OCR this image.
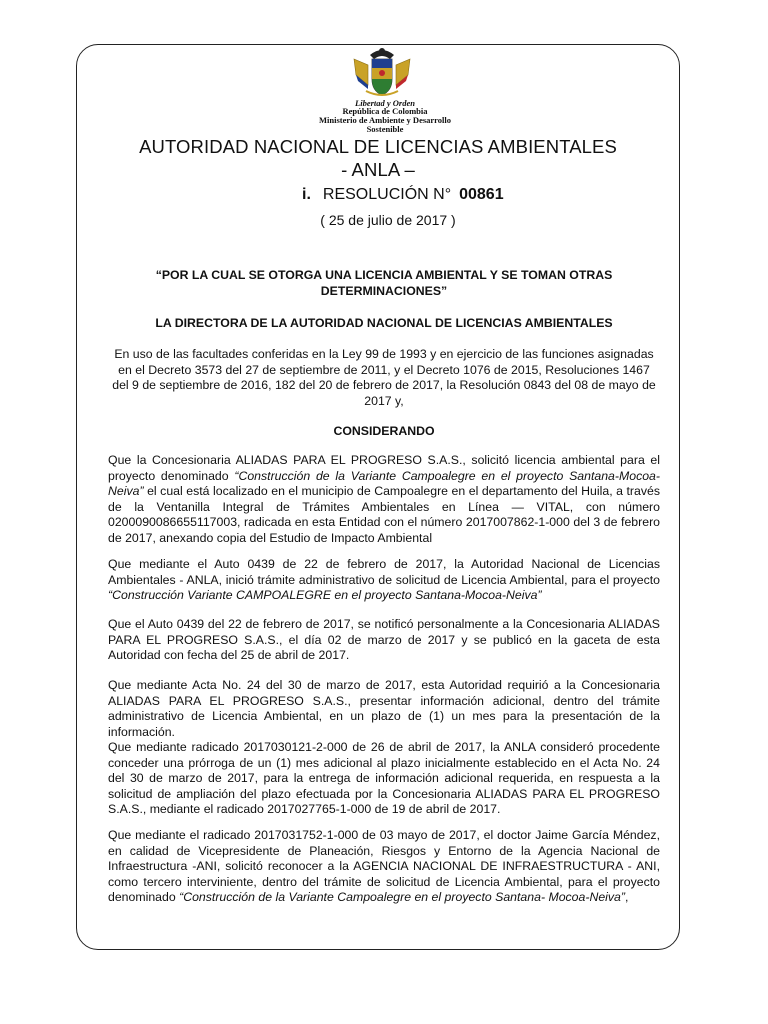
Libertad y Orden
República de Colombia
Ministerio de Ambiente y Desarrollo Sostenible
AUTORIDAD NACIONAL DE LICENCIAS AMBIENTALES
- ANLA –
i. RESOLUCIÓN N° 00861
( 25 de julio de 2017 )
“POR LA CUAL SE OTORGA UNA LICENCIA AMBIENTAL Y SE TOMAN OTRAS DETERMINACIONES”
LA DIRECTORA DE LA AUTORIDAD NACIONAL DE LICENCIAS AMBIENTALES
En uso de las facultades conferidas en la Ley 99 de 1993 y en ejercicio de las funciones asignadas en el Decreto 3573 del 27 de septiembre de 2011, y el Decreto 1076 de 2015, Resoluciones 1467 del 9 de septiembre de 2016, 182 del 20 de febrero de 2017, la Resolución 0843 del 08 de mayo de 2017 y,
CONSIDERANDO
Que la Concesionaria ALIADAS PARA EL PROGRESO S.A.S., solicitó licencia ambiental para el proyecto denominado “Construcción de la Variante Campoalegre en el proyecto Santana-Mocoa-Neiva” el cual está localizado en el municipio de Campoalegre en el departamento del Huila, a través de la Ventanilla Integral de Trámites Ambientales en Línea — VITAL, con número 0200090086655117003, radicada en esta Entidad con el número 2017007862-1-000 del 3 de febrero de 2017, anexando copia del Estudio de Impacto Ambiental
Que mediante el Auto 0439 de 22 de febrero de 2017, la Autoridad Nacional de Licencias Ambientales - ANLA, inició trámite administrativo de solicitud de Licencia Ambiental, para el proyecto “Construcción Variante CAMPOALEGRE en el proyecto Santana-Mocoa-Neiva”
Que el Auto 0439 del 22 de febrero de 2017, se notificó personalmente a la Concesionaria ALIADAS PARA EL PROGRESO S.A.S., el día 02 de marzo de 2017 y se publicó en la gaceta de esta Autoridad con fecha del 25 de abril de 2017.
Que mediante Acta No. 24 del 30 de marzo de 2017, esta Autoridad requirió a la Concesionaria ALIADAS PARA EL PROGRESO S.A.S., presentar información adicional, dentro del trámite administrativo de Licencia Ambiental, en un plazo de (1) un mes para la presentación de la información.
Que mediante radicado 2017030121-2-000 de 26 de abril de 2017, la ANLA consideró procedente conceder una prórroga de un (1) mes adicional al plazo inicialmente establecido en el Acta No. 24 del 30 de marzo de 2017, para la entrega de información adicional requerida, en respuesta a la solicitud de ampliación del plazo efectuada por la Concesionaria ALIADAS PARA EL PROGRESO S.A.S., mediante el radicado 2017027765-1-000 de 19 de abril de 2017.
Que mediante el radicado 2017031752-1-000 de 03 mayo de 2017, el doctor Jaime García Méndez, en calidad de Vicepresidente de Planeación, Riesgos y Entorno de la Agencia Nacional de Infraestructura -ANI, solicitó reconocer a la AGENCIA NACIONAL DE INFRAESTRUCTURA - ANI, como tercero interviniente, dentro del trámite de solicitud de Licencia Ambiental, para el proyecto denominado “Construcción de la Variante Campoalegre en el proyecto Santana- Mocoa-Neiva”,
